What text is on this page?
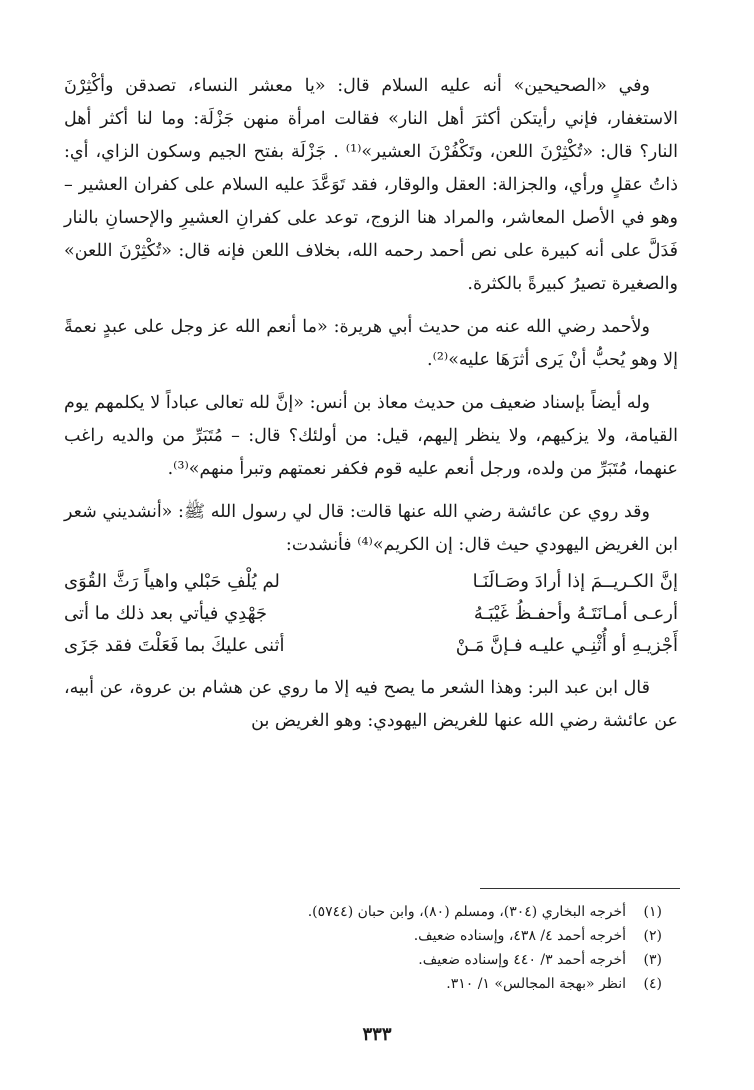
وفي «الصحيحين» أنه عليه السلام قال: «يا معشر النساء، تصدقن وأكْثِرْنَ الاستغفار، فإني رأيتكن أكثرَ أهل النار» فقالت امرأة منهن جَزْلَة: وما لنا أكثر أهل النار؟ قال: «تُكْثِرْنَ اللعن، وتَكْفُرْنَ العشير»⁽¹⁾ . جَزْلَة بفتح الجيم وسكون الزاي، أي: ذاتُ عقلٍ ورأي، والجزالة: العقل والوقار، فقد تَوَعَّدَ عليه السلام على كفران العشير – وهو في الأصل المعاشر، والمراد هنا الزوج، توعد على كفرانِ العشيرِ والإحسانِ بالنار فَدَلَّ على أنه كبيرة على نص أحمد رحمه الله، بخلاف اللعن فإنه قال: «تُكْثِرْنَ اللعن» والصغيرة تصيرُ كبيرةً بالكثرة.

ولأحمد رضي الله عنه من حديث أبي هريرة: «ما أنعم الله عز وجل على عبدٍ نعمةً إلا وهو يُحبُّ أنْ يَرى أثرَهَا عليه»⁽²⁾.

وله أيضاً بإسناد ضعيف من حديث معاذ بن أنس: «إنَّ لله تعالى عباداً لا يكلمهم يوم القيامة، ولا يزكيهم، ولا ينظر إليهم، قيل: من أولئك؟ قال: – مُتَبَرِّ من والديه راغب عنهما، مُتَبَرِّ من ولده، ورجل أنعم عليه قوم فكفر نعمتهم وتبرأ منهم»⁽³⁾.

وقد روي عن عائشة رضي الله عنها قالت: قال لي رسول الله ﷺ: «أنشديني شعر ابن الغريض اليهودي حيث قال: إن الكريم»⁽⁴⁾ فأنشدت:

إنَّ الكـريــمَ إذا أرادَ وصَـالَنَـا
لم يُلْفِ حَبْلي واهياً رَثَّ القُوَى
أرعـى أمـانَتَـهُ وأحفـظُ غَيْبَـهُ
جَهْدِي فيأتي بعد ذلك ما أتى
أَجْزيـهِ أو أُثْنِـي عليـه فـإنَّ مَـنْ
أثنى عليكَ بما فَعَلْتَ فقد جَزَى

قال ابن عبد البر: وهذا الشعر ما يصح فيه إلا ما روي عن هشام بن عروة، عن أبيه، عن عائشة رضي الله عنها للغريض اليهودي: وهو الغريض بن

(١)
أخرجه البخاري (٣٠٤)، ومسلم (٨٠)، وابن حبان (٥٧٤٤).
(٢)
أخرجه أحمد ٤/ ٤٣٨، وإسناده ضعيف.
(٣)
أخرجه أحمد ٣/ ٤٤٠ وإسناده ضعيف.
(٤)
انظر «بهجة المجالس» ١/ ٣١٠.
٣٣٣
